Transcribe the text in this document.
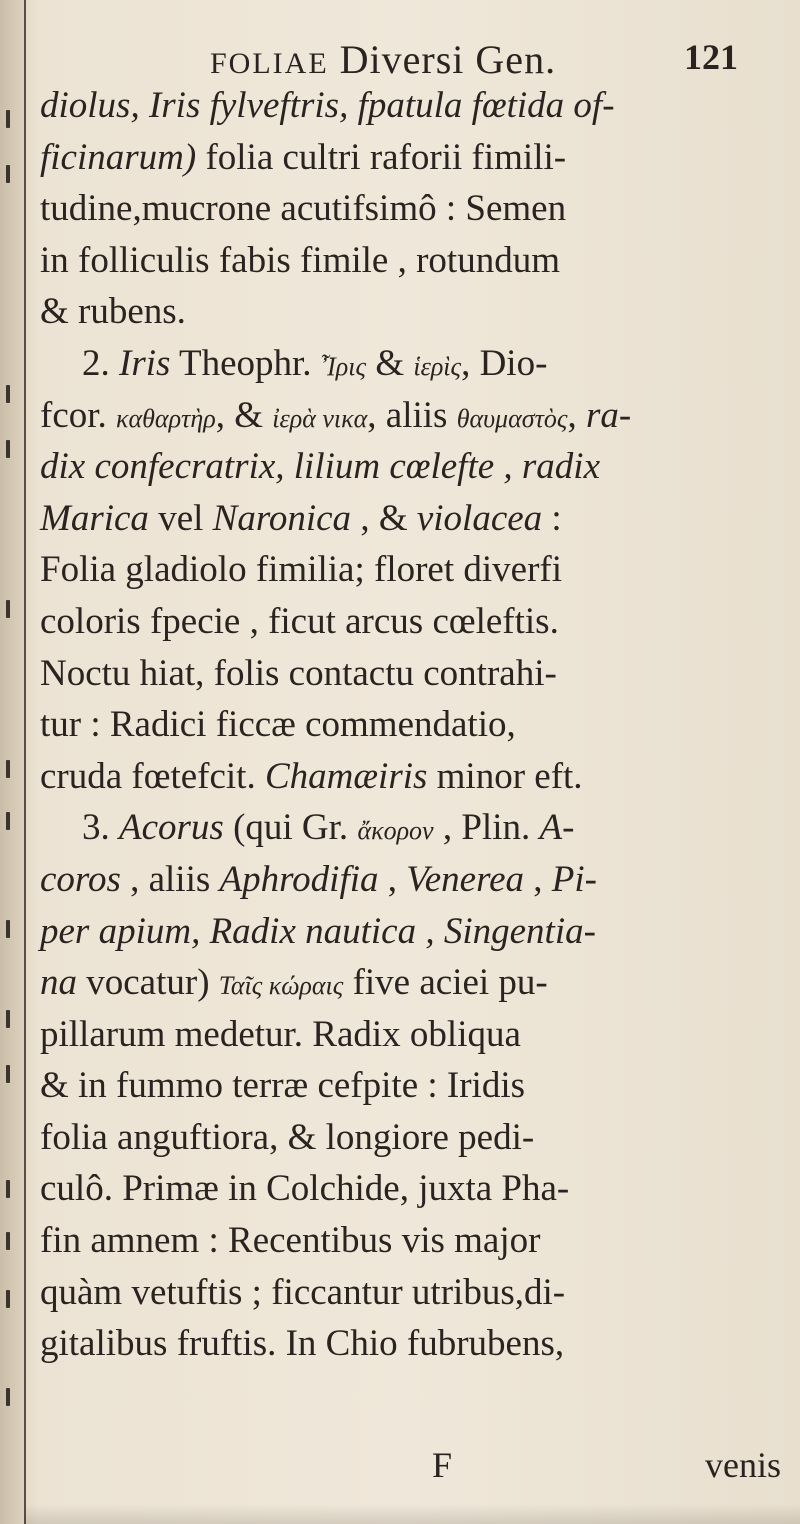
FOLIAE Diversi Gen.	121
diolus, Iris fylveftris, fpatula fœtida of-
ficinarum) folia cultri raforii fimili-
tudine,mucrone acutifsimô : Semen
in folliculis fabis fimile , rotundum
& rubens.
2. Iris Theophr. Ἶρις & ἱερὶς, Dio-
fcor. καθαρτὴρ, & ἰερὰ νικα, aliis θαυμαστὸς, ra-
dix confecratrix, lilium cœlefte , radix
Marica vel Naronica , & violacea :
Folia gladiolo fimilia; floret diverfi
coloris fpecie , ficut arcus cœleftis.
Noctu hiat, folis contactu contrahi-
tur : Radici ficcæ commendatio,
cruda fœtefcit. Chamæiris minor eft.
3. Acorus (qui Gr. ἄκορον , Plin. A-
coros , aliis Aphrodifia , Venerea , Pi-
per apium, Radix nautica , Singentia-
na vocatur) Ταῖς κώραις five aciei pu-
pillarum medetur. Radix obliqua
& in fummo terræ cefpite : Iridis
folia anguftiora, & longiore pedi-
culô. Primæ in Colchide, juxta Pha-
fin amnem : Recentibus vis major
quàm vetuftis ; ficcantur utribus,di-
gitalibus fruftis. In Chio fubrubens,
F	venis
